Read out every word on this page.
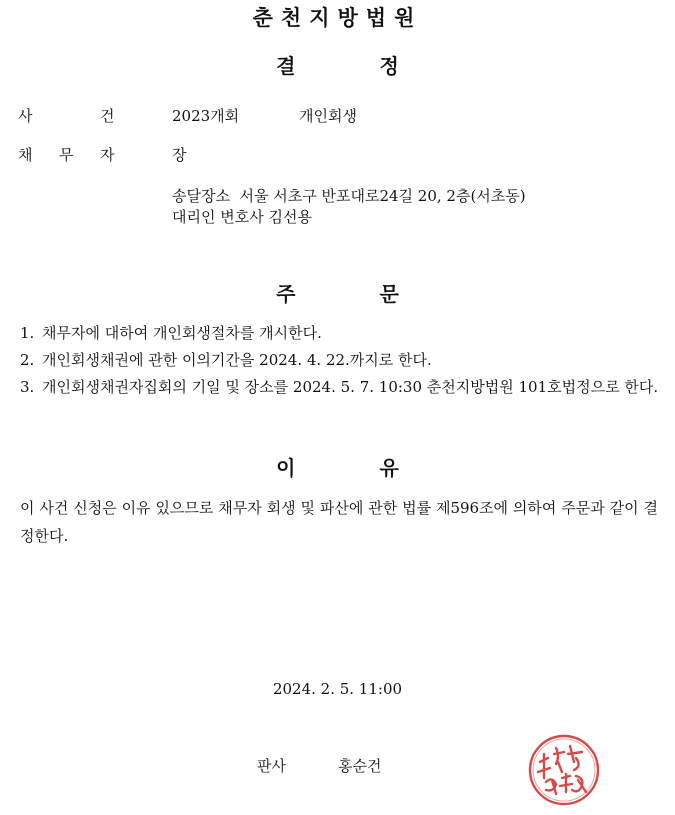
춘천지방법원
결	정
사	건	2023개회	개인회생
채 무 자	장
송달장소  서울 서초구 반포대로24길 20, 2층(서초동)
대리인 변호사 김선용
주	문
1. 채무자에 대하여 개인회생절차를 개시한다.
2. 개인회생채권에 관한 이의기간을 2024. 4. 22.까지로 한다.
3. 개인회생채권자집회의 기일 및 장소를 2024. 5. 7. 10:30 춘천지방법원 101호법정으로 한다.
이	유
이 사건 신청은 이유 있으므로 채무자 회생 및 파산에 관한 법률 제596조에 의하여 주문과 같이 결정한다.
2024. 2. 5. 11:00
판사	홍순건
